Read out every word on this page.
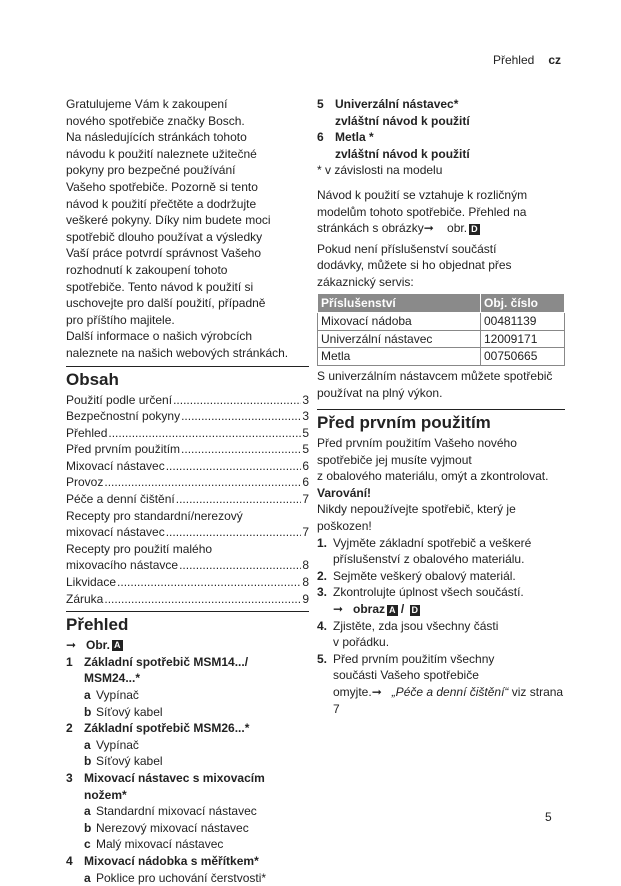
Přehled cz
Gratulujeme Vám k zakoupení
nového spotřebiče značky Bosch.
Na následujících stránkách tohoto
návodu k použití naleznete užitečné
pokyny pro bezpečné používání
Vašeho spotřebiče. Pozorně si tento
návod k použití přečtěte a dodržujte
veškeré pokyny. Díky nim budete moci
spotřebič dlouho používat a výsledky
Vaší práce potvrdí správnost Vašeho
rozhodnutí k zakoupení tohoto
spotřebiče. Tento návod k použití si
uschovejte pro další použití, případně
pro příštího majitele.
Další informace o našich výrobcích
naleznete na našich webových stránkách.
Obsah
Použití podle určení .....	3
Bezpečnostní pokyny .....	3
Přehled .....	5
Před prvním použitím .....	5
Mixovací nástavec .....	6
Provoz .....	6
Péče a denní čištění .....	7
Recepty pro standardní/nerezový
mixovací nástavec .....	7
Recepty pro použití malého
mixovacího nástavce .....	8
Likvidace .....	8
Záruka .....	9
Přehled
➞ Obr. A
1 Základní spotřebič MSM14.../
MSM24...*
a Vypínač
b Síťový kabel
2 Základní spotřebič MSM26...*
a Vypínač
b Síťový kabel
3 Mixovací nástavec s mixovacím nožem*
a Standardní mixovací nástavec
b Nerezový mixovací nástavec
c Malý mixovací nástavec
4 Mixovací nádobka s měřítkem*
a Poklice pro uchování čerstvosti*
5 Univerzální nástavec*
zvláštní návod k použití
6 Metla *
zvláštní návod k použití
* v závislosti na modelu
Návod k použití se vztahuje k rozličným
modelům tohoto spotřebiče. Přehled na
stránkách s obrázky➞ obr. D
Pokud není příslušenství součástí
dodávky, můžete si ho objednat přes
zákaznický servis:
Příslušenství	Obj. číslo
Mixovací nádoba	00481139
Univerzální nástavec	12009171
Metla	00750665
S univerzálním nástavcem můžete spotřebič
používat na plný výkon.
Před prvním použitím
Před prvním použitím Vašeho nového
spotřebiče jej musíte vyjmout
z obalového materiálu, omýt a zkontrolovat.
Varování!
Nikdy nepoužívejte spotřebič, který je
poškozen!
1. Vyjměte základní spotřebič a veškeré
příslušenství z obalového materiálu.
2. Sejměte veškerý obalový materiál.
3. Zkontrolujte úplnost všech součástí.
➞ obraz A / D
4. Zjistěte, zda jsou všechny části
v pořádku.
5. Před prvním použitím všechny
součásti Vašeho spotřebiče
omyjte.➞ „Péče a denní čištění“ viz strana 7
5
